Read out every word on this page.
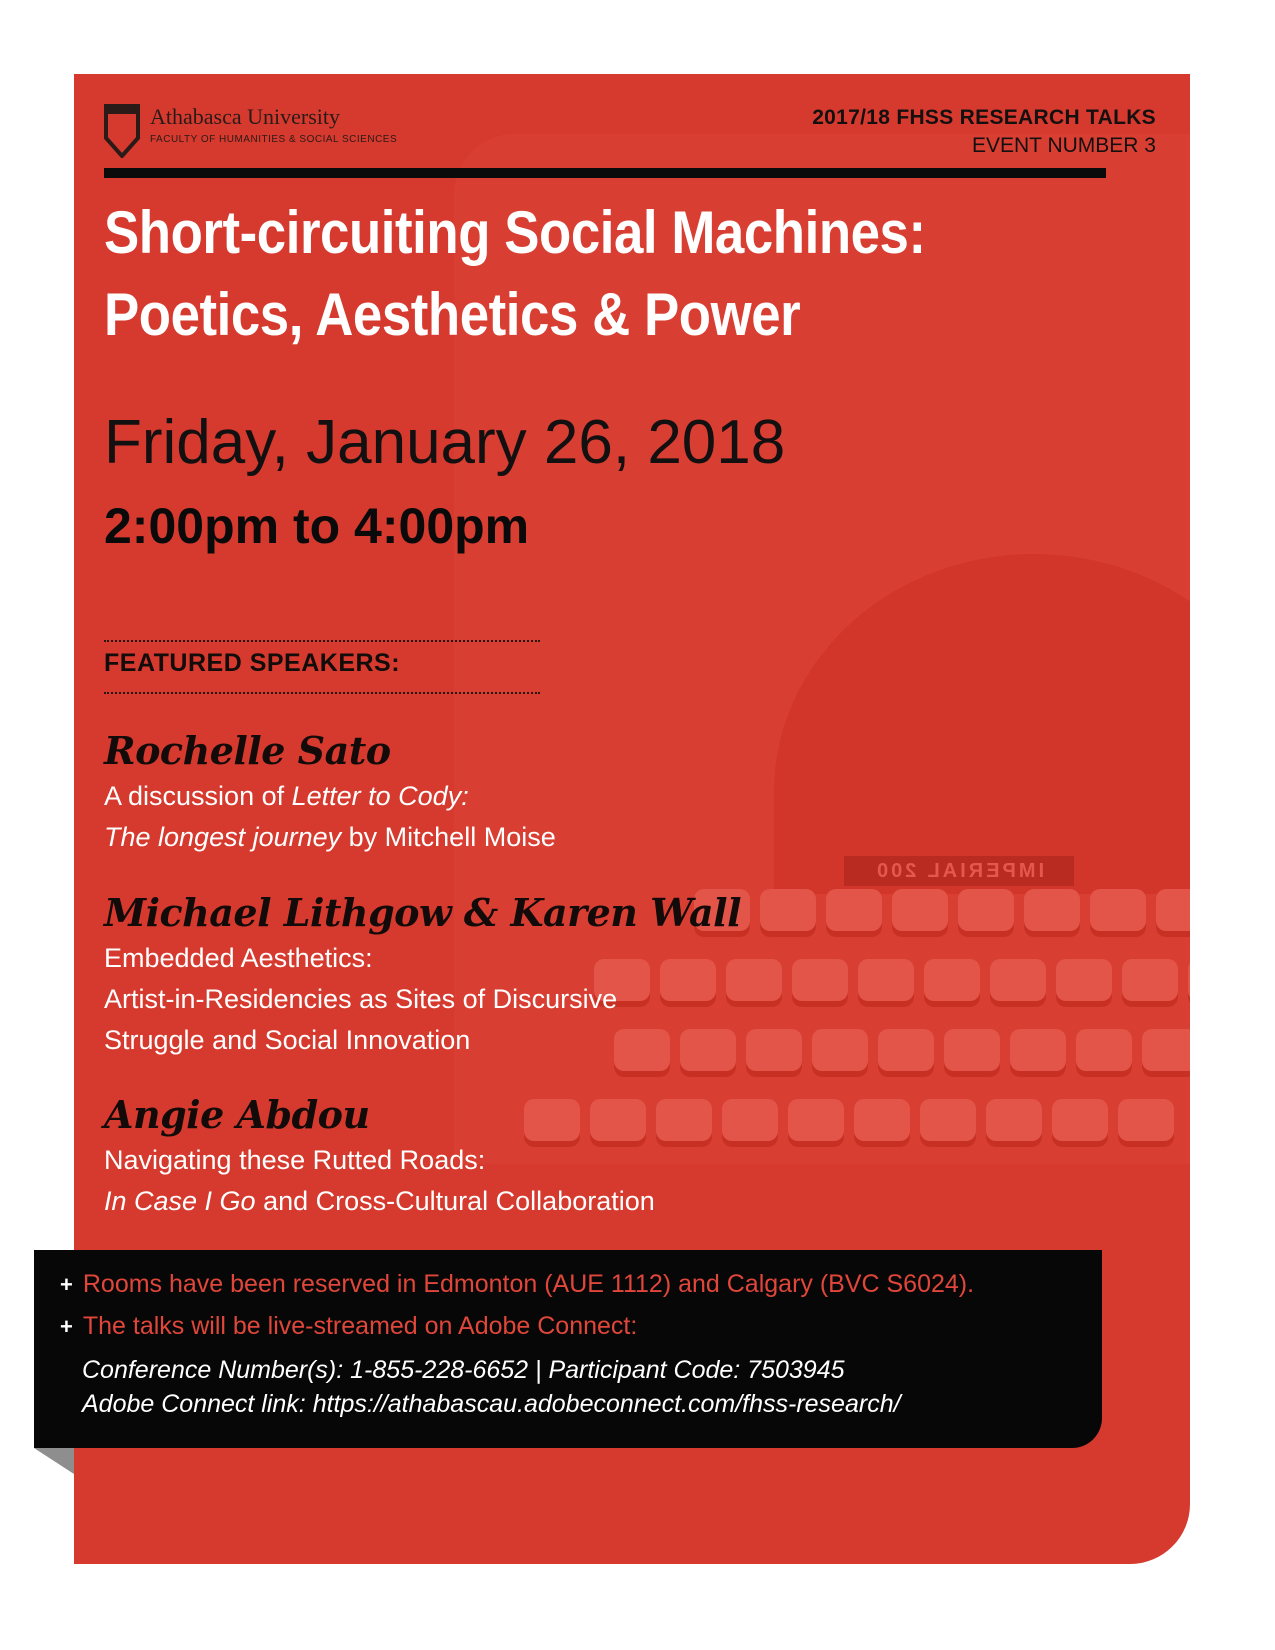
IMPERIAL 200
Athabasca University
FACULTY OF HUMANITIES & SOCIAL SCIENCES
2017/18 FHSS RESEARCH TALKS
EVENT NUMBER 3
Short-circuiting Social Machines:
Poetics, Aesthetics & Power
Friday, January 26, 2018
2:00pm to 4:00pm
FEATURED SPEAKERS:
Rochelle Sato
A discussion of Letter to Cody:
The longest journey by Mitchell Moise
Michael Lithgow & Karen Wall
Embedded Aesthetics:
Artist-in-Residencies as Sites of Discursive
Struggle and Social Innovation
Angie Abdou
Navigating these Rutted Roads:
In Case I Go and Cross-Cultural Collaboration
+ Rooms have been reserved in Edmonton (AUE 1112) and Calgary (BVC S6024).
+ The talks will be live-streamed on Adobe Connect:
Conference Number(s): 1-855-228-6652 | Participant Code: 7503945
Adobe Connect link: https://athabascau.adobeconnect.com/fhss-research/
